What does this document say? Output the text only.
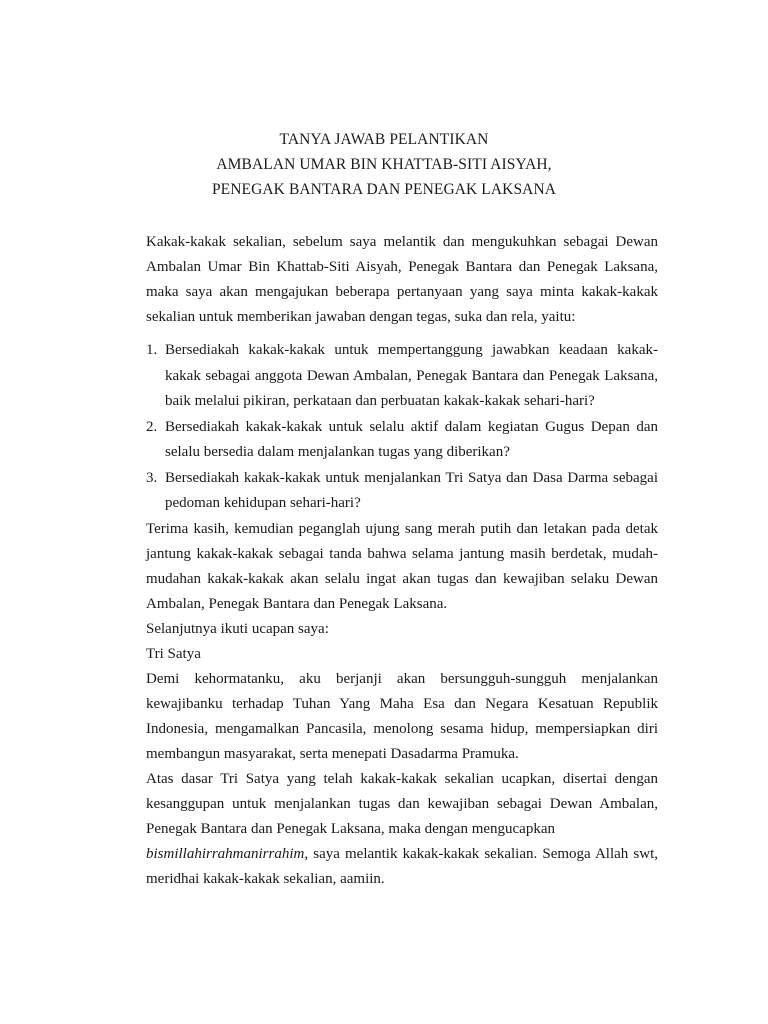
TANYA JAWAB PELANTIKAN
AMBALAN UMAR BIN KHATTAB-SITI AISYAH,
PENEGAK BANTARA DAN PENEGAK LAKSANA

Kakak-kakak sekalian, sebelum saya melantik dan mengukuhkan sebagai Dewan Ambalan Umar Bin Khattab-Siti Aisyah, Penegak Bantara dan Penegak Laksana, maka saya akan mengajukan beberapa pertanyaan yang saya minta kakak-kakak sekalian untuk memberikan jawaban dengan tegas, suka dan rela, yaitu:

1. Bersediakah kakak-kakak untuk mempertanggung jawabkan keadaan kakak-kakak sebagai anggota Dewan Ambalan, Penegak Bantara dan Penegak Laksana, baik melalui pikiran, perkataan dan perbuatan kakak-kakak sehari-hari?
2. Bersediakah kakak-kakak untuk selalu aktif dalam kegiatan Gugus Depan dan selalu bersedia dalam menjalankan tugas yang diberikan?
3. Bersediakah kakak-kakak untuk menjalankan Tri Satya dan Dasa Darma sebagai pedoman kehidupan sehari-hari?

Terima kasih, kemudian peganglah ujung sang merah putih dan letakan pada detak jantung kakak-kakak sebagai tanda bahwa selama jantung masih berdetak, mudah-mudahan kakak-kakak akan selalu ingat akan tugas dan kewajiban selaku Dewan Ambalan, Penegak Bantara dan Penegak Laksana.

Selanjutnya ikuti ucapan saya:

Tri Satya

Demi kehormatanku, aku berjanji akan bersungguh-sungguh menjalankan kewajibanku terhadap Tuhan Yang Maha Esa dan Negara Kesatuan Republik Indonesia, mengamalkan Pancasila, menolong sesama hidup, mempersiapkan diri membangun masyarakat, serta menepati Dasadarma Pramuka.

Atas dasar Tri Satya yang telah kakak-kakak sekalian ucapkan, disertai dengan kesanggupan untuk menjalankan tugas dan kewajiban sebagai Dewan Ambalan, Penegak Bantara dan Penegak Laksana, maka dengan mengucapkan
bismillahirrahmanirrahim, saya melantik kakak-kakak sekalian. Semoga Allah swt, meridhai kakak-kakak sekalian, aamiin.
